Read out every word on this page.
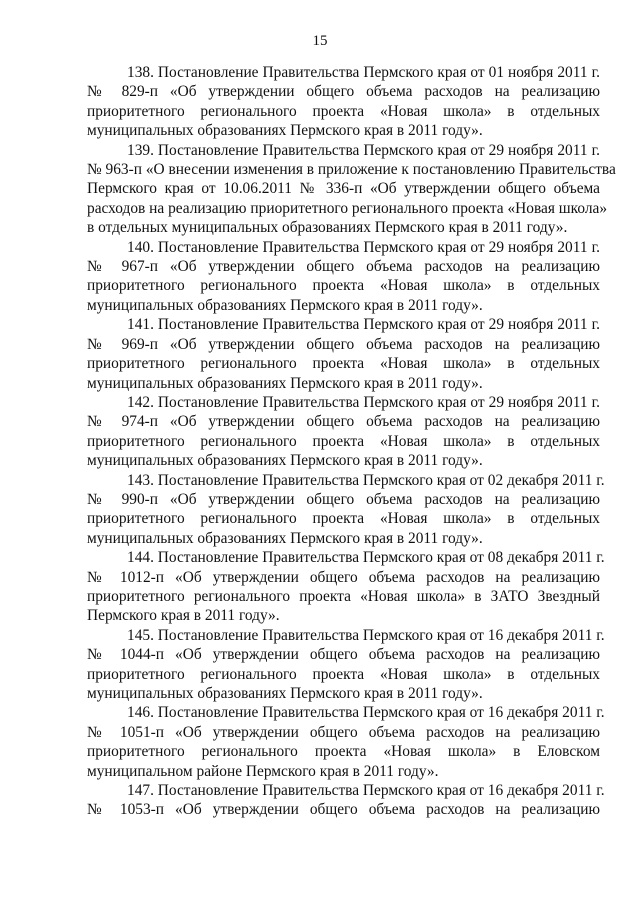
15
138. Постановление Правительства Пермского края от 01 ноября 2011 г.
№ 829-п «Об утверждении общего объема расходов на реализацию
приоритетного регионального проекта «Новая школа» в отдельных
муниципальных образованиях Пермского края в 2011 году».
139. Постановление Правительства Пермского края от 29 ноября 2011 г.
№ 963-п «О внесении изменения в приложение к постановлению Правительства
Пермского края от 10.06.2011 № 336-п «Об утверждении общего объема
расходов на реализацию приоритетного регионального проекта «Новая школа»
в отдельных муниципальных образованиях Пермского края в 2011 году».
140. Постановление Правительства Пермского края от 29 ноября 2011 г.
№ 967-п «Об утверждении общего объема расходов на реализацию
приоритетного регионального проекта «Новая школа» в отдельных
муниципальных образованиях Пермского края в 2011 году».
141. Постановление Правительства Пермского края от 29 ноября 2011 г.
№ 969-п «Об утверждении общего объема расходов на реализацию
приоритетного регионального проекта «Новая школа» в отдельных
муниципальных образованиях Пермского края в 2011 году».
142. Постановление Правительства Пермского края от 29 ноября 2011 г.
№ 974-п «Об утверждении общего объема расходов на реализацию
приоритетного регионального проекта «Новая школа» в отдельных
муниципальных образованиях Пермского края в 2011 году».
143. Постановление Правительства Пермского края от 02 декабря 2011 г.
№ 990-п «Об утверждении общего объема расходов на реализацию
приоритетного регионального проекта «Новая школа» в отдельных
муниципальных образованиях Пермского края в 2011 году».
144. Постановление Правительства Пермского края от 08 декабря 2011 г.
№ 1012-п «Об утверждении общего объема расходов на реализацию
приоритетного регионального проекта «Новая школа» в ЗАТО Звездный
Пермского края в 2011 году».
145. Постановление Правительства Пермского края от 16 декабря 2011 г.
№ 1044-п «Об утверждении общего объема расходов на реализацию
приоритетного регионального проекта «Новая школа» в отдельных
муниципальных образованиях Пермского края в 2011 году».
146. Постановление Правительства Пермского края от 16 декабря 2011 г.
№ 1051-п «Об утверждении общего объема расходов на реализацию
приоритетного регионального проекта «Новая школа» в Еловском
муниципальном районе Пермского края в 2011 году».
147. Постановление Правительства Пермского края от 16 декабря 2011 г.
№ 1053-п «Об утверждении общего объема расходов на реализацию
